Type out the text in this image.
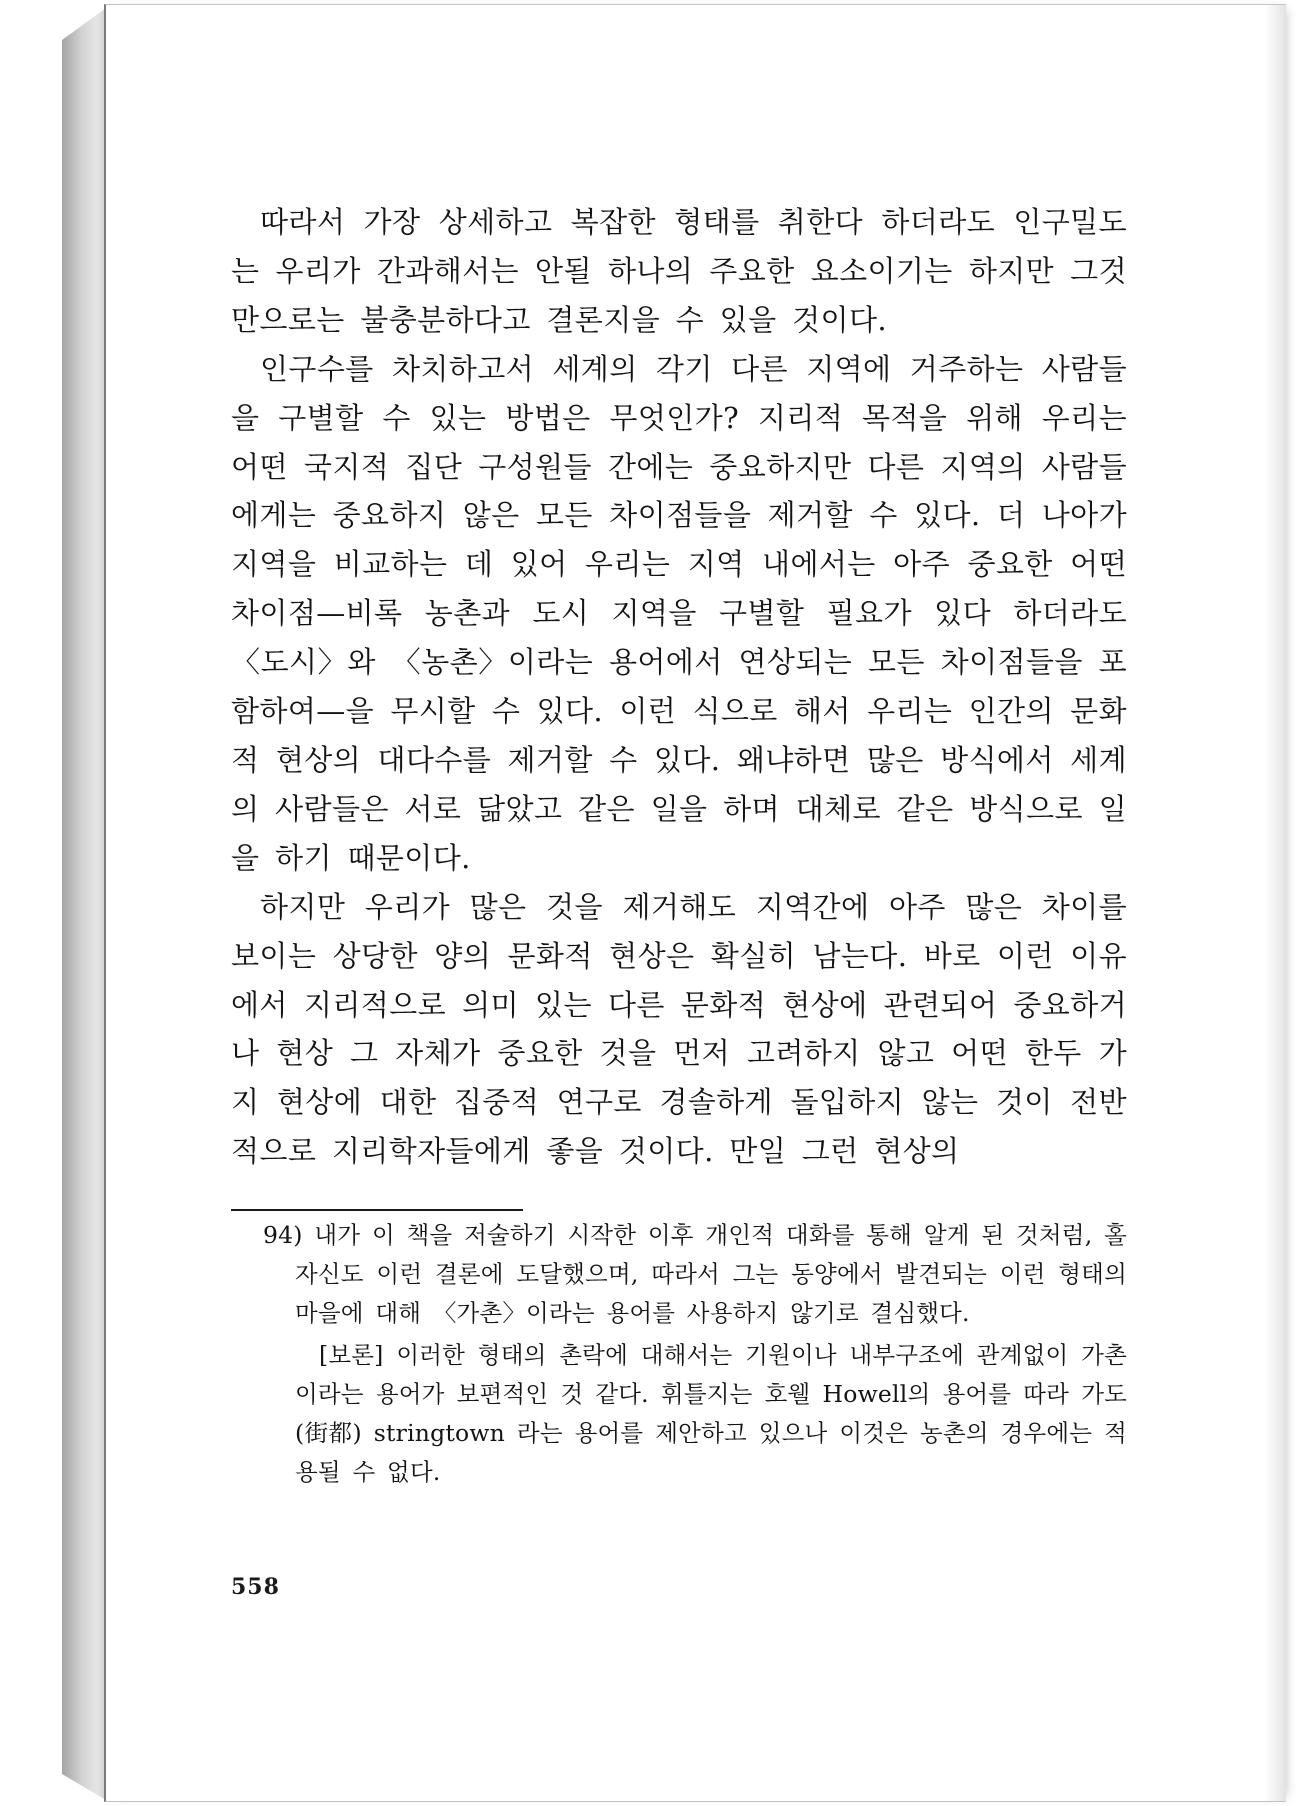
따라서 가장 상세하고 복잡한 형태를 취한다 하더라도 인구밀도는 우리가 간과해서는 안될 하나의 주요한 요소이기는 하지만 그것만으로는 불충분하다고 결론지을 수 있을 것이다.

인구수를 차치하고서 세계의 각기 다른 지역에 거주하는 사람들을 구별할 수 있는 방법은 무엇인가? 지리적 목적을 위해 우리는 어떤 국지적 집단 구성원들 간에는 중요하지만 다른 지역의 사람들에게는 중요하지 않은 모든 차이점들을 제거할 수 있다. 더 나아가 지역을 비교하는 데 있어 우리는 지역 내에서는 아주 중요한 어떤 차이점—비록 농촌과 도시 지역을 구별할 필요가 있다 하더라도 〈도시〉와 〈농촌〉이라는 용어에서 연상되는 모든 차이점들을 포함하여—을 무시할 수 있다. 이런 식으로 해서 우리는 인간의 문화적 현상의 대다수를 제거할 수 있다. 왜냐하면 많은 방식에서 세계의 사람들은 서로 닮았고 같은 일을 하며 대체로 같은 방식으로 일을 하기 때문이다.

하지만 우리가 많은 것을 제거해도 지역간에 아주 많은 차이를 보이는 상당한 양의 문화적 현상은 확실히 남는다. 바로 이런 이유에서 지리적으로 의미 있는 다른 문화적 현상에 관련되어 중요하거나 현상 그 자체가 중요한 것을 먼저 고려하지 않고 어떤 한두 가지 현상에 대한 집중적 연구로 경솔하게 돌입하지 않는 것이 전반적으로 지리학자들에게 좋을 것이다. 만일 그런 현상의

94) 내가 이 책을 저술하기 시작한 이후 개인적 대화를 통해 알게 된 것처럼, 홀 자신도 이런 결론에 도달했으며, 따라서 그는 동양에서 발견되는 이런 형태의 마을에 대해 〈가촌〉이라는 용어를 사용하지 않기로 결심했다.

[보론] 이러한 형태의 촌락에 대해서는 기원이나 내부구조에 관계없이 가촌이라는 용어가 보편적인 것 같다. 휘틀지는 호웰 Howell의 용어를 따라 가도(街都) stringtown 라는 용어를 제안하고 있으나 이것은 농촌의 경우에는 적용될 수 없다.

558
